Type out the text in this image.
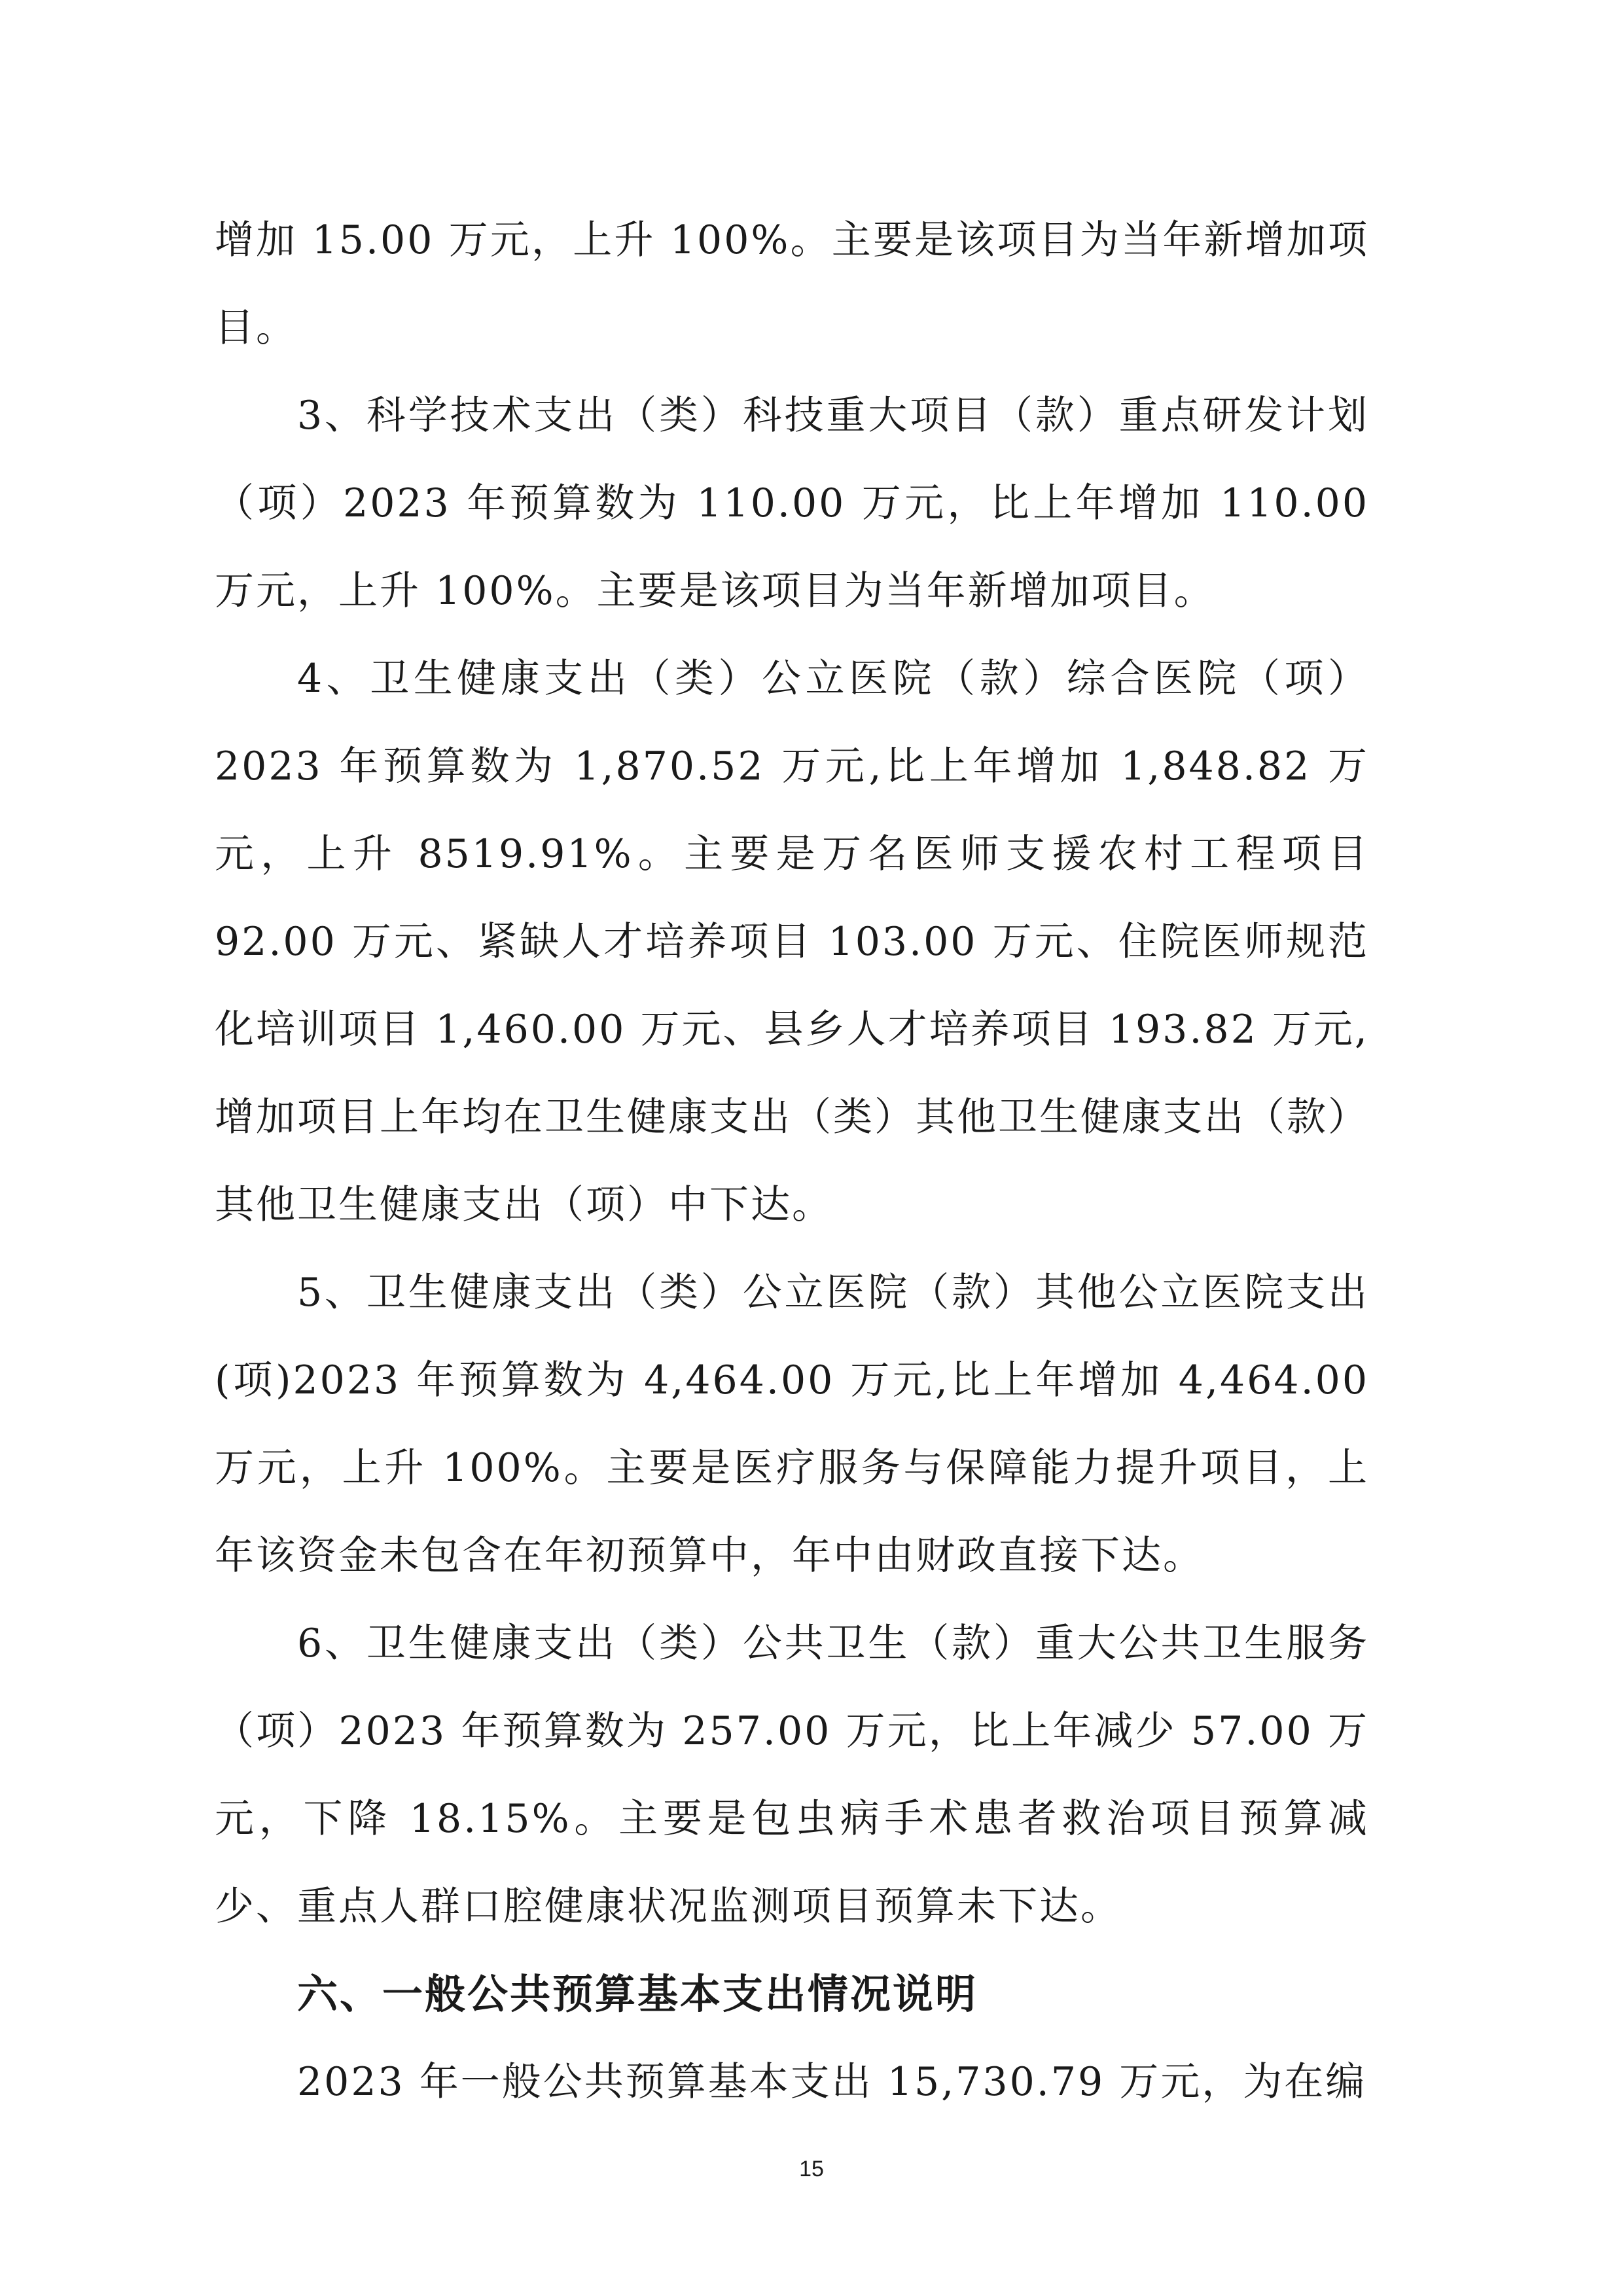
增加 15.00 万元，上升 100%。主要是该项目为当年新增加项目。

3、科学技术支出（类）科技重大项目（款）重点研发计划（项）2023 年预算数为 110.00 万元，比上年增加 110.00 万元，上升 100%。主要是该项目为当年新增加项目。

4、卫生健康支出（类）公立医院（款）综合医院（项）2023 年预算数为 1,870.52 万元,比上年增加 1,848.82 万元，上升 8519.91%。主要是万名医师支援农村工程项目 92.00 万元、紧缺人才培养项目 103.00 万元、住院医师规范化培训项目 1,460.00 万元、县乡人才培养项目 193.82 万元,增加项目上年均在卫生健康支出（类）其他卫生健康支出（款）其他卫生健康支出（项）中下达。

5、卫生健康支出（类）公立医院（款）其他公立医院支出(项)2023 年预算数为 4,464.00 万元,比上年增加 4,464.00 万元，上升 100%。主要是医疗服务与保障能力提升项目，上年该资金未包含在年初预算中，年中由财政直接下达。

6、卫生健康支出（类）公共卫生（款）重大公共卫生服务（项）2023 年预算数为 257.00 万元，比上年减少 57.00 万元，下降 18.15%。主要是包虫病手术患者救治项目预算减少、重点人群口腔健康状况监测项目预算未下达。

六、一般公共预算基本支出情况说明

2023 年一般公共预算基本支出 15,730.79 万元，为在编

15
